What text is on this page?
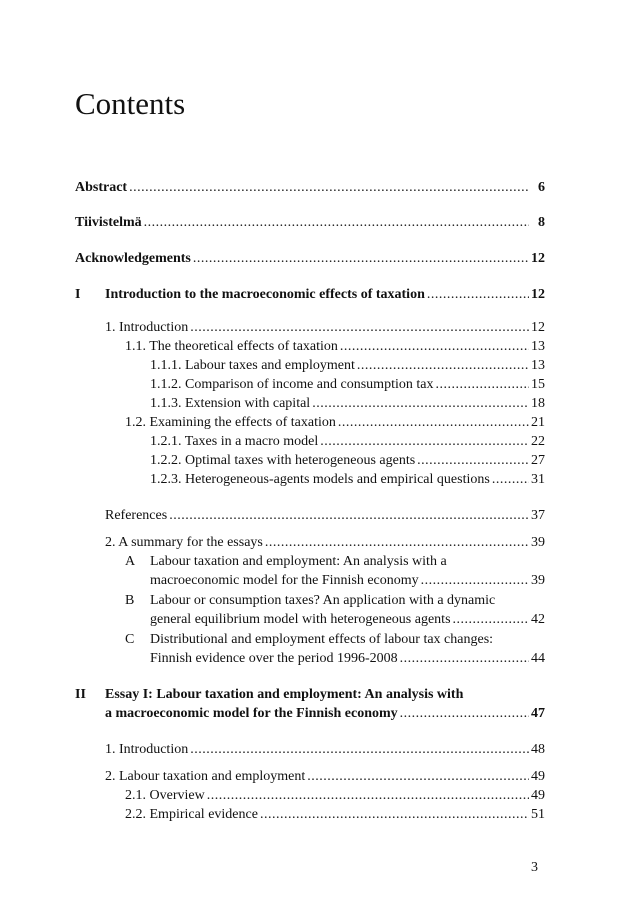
Contents
Abstract .....	6
Tiivistelmä .....	8
Acknowledgements .....	12
I Introduction to the macroeconomic effects of taxation .....	12
1. Introduction .....	12
1.1. The theoretical effects of taxation .....	13
1.1.1. Labour taxes and employment .....	13
1.1.2. Comparison of income and consumption tax .....	15
1.1.3. Extension with capital .....	18
1.2. Examining the effects of taxation .....	21
1.2.1. Taxes in a macro model .....	22
1.2.2. Optimal taxes with heterogeneous agents .....	27
1.2.3. Heterogeneous-agents models and empirical questions .....	31
References .....	37
2. A summary for the essays .....	39
A Labour taxation and employment: An analysis with a
macroeconomic model for the Finnish economy .....	39
B Labour or consumption taxes? An application with a dynamic
general equilibrium model with heterogeneous agents .....	42
C Distributional and employment effects of labour tax changes:
Finnish evidence over the period 1996-2008 .....	44
II Essay I: Labour taxation and employment: An analysis with
a macroeconomic model for the Finnish economy .....	47
1. Introduction .....	48
2. Labour taxation and employment .....	49
2.1. Overview .....	49
2.2. Empirical evidence .....	51
3
